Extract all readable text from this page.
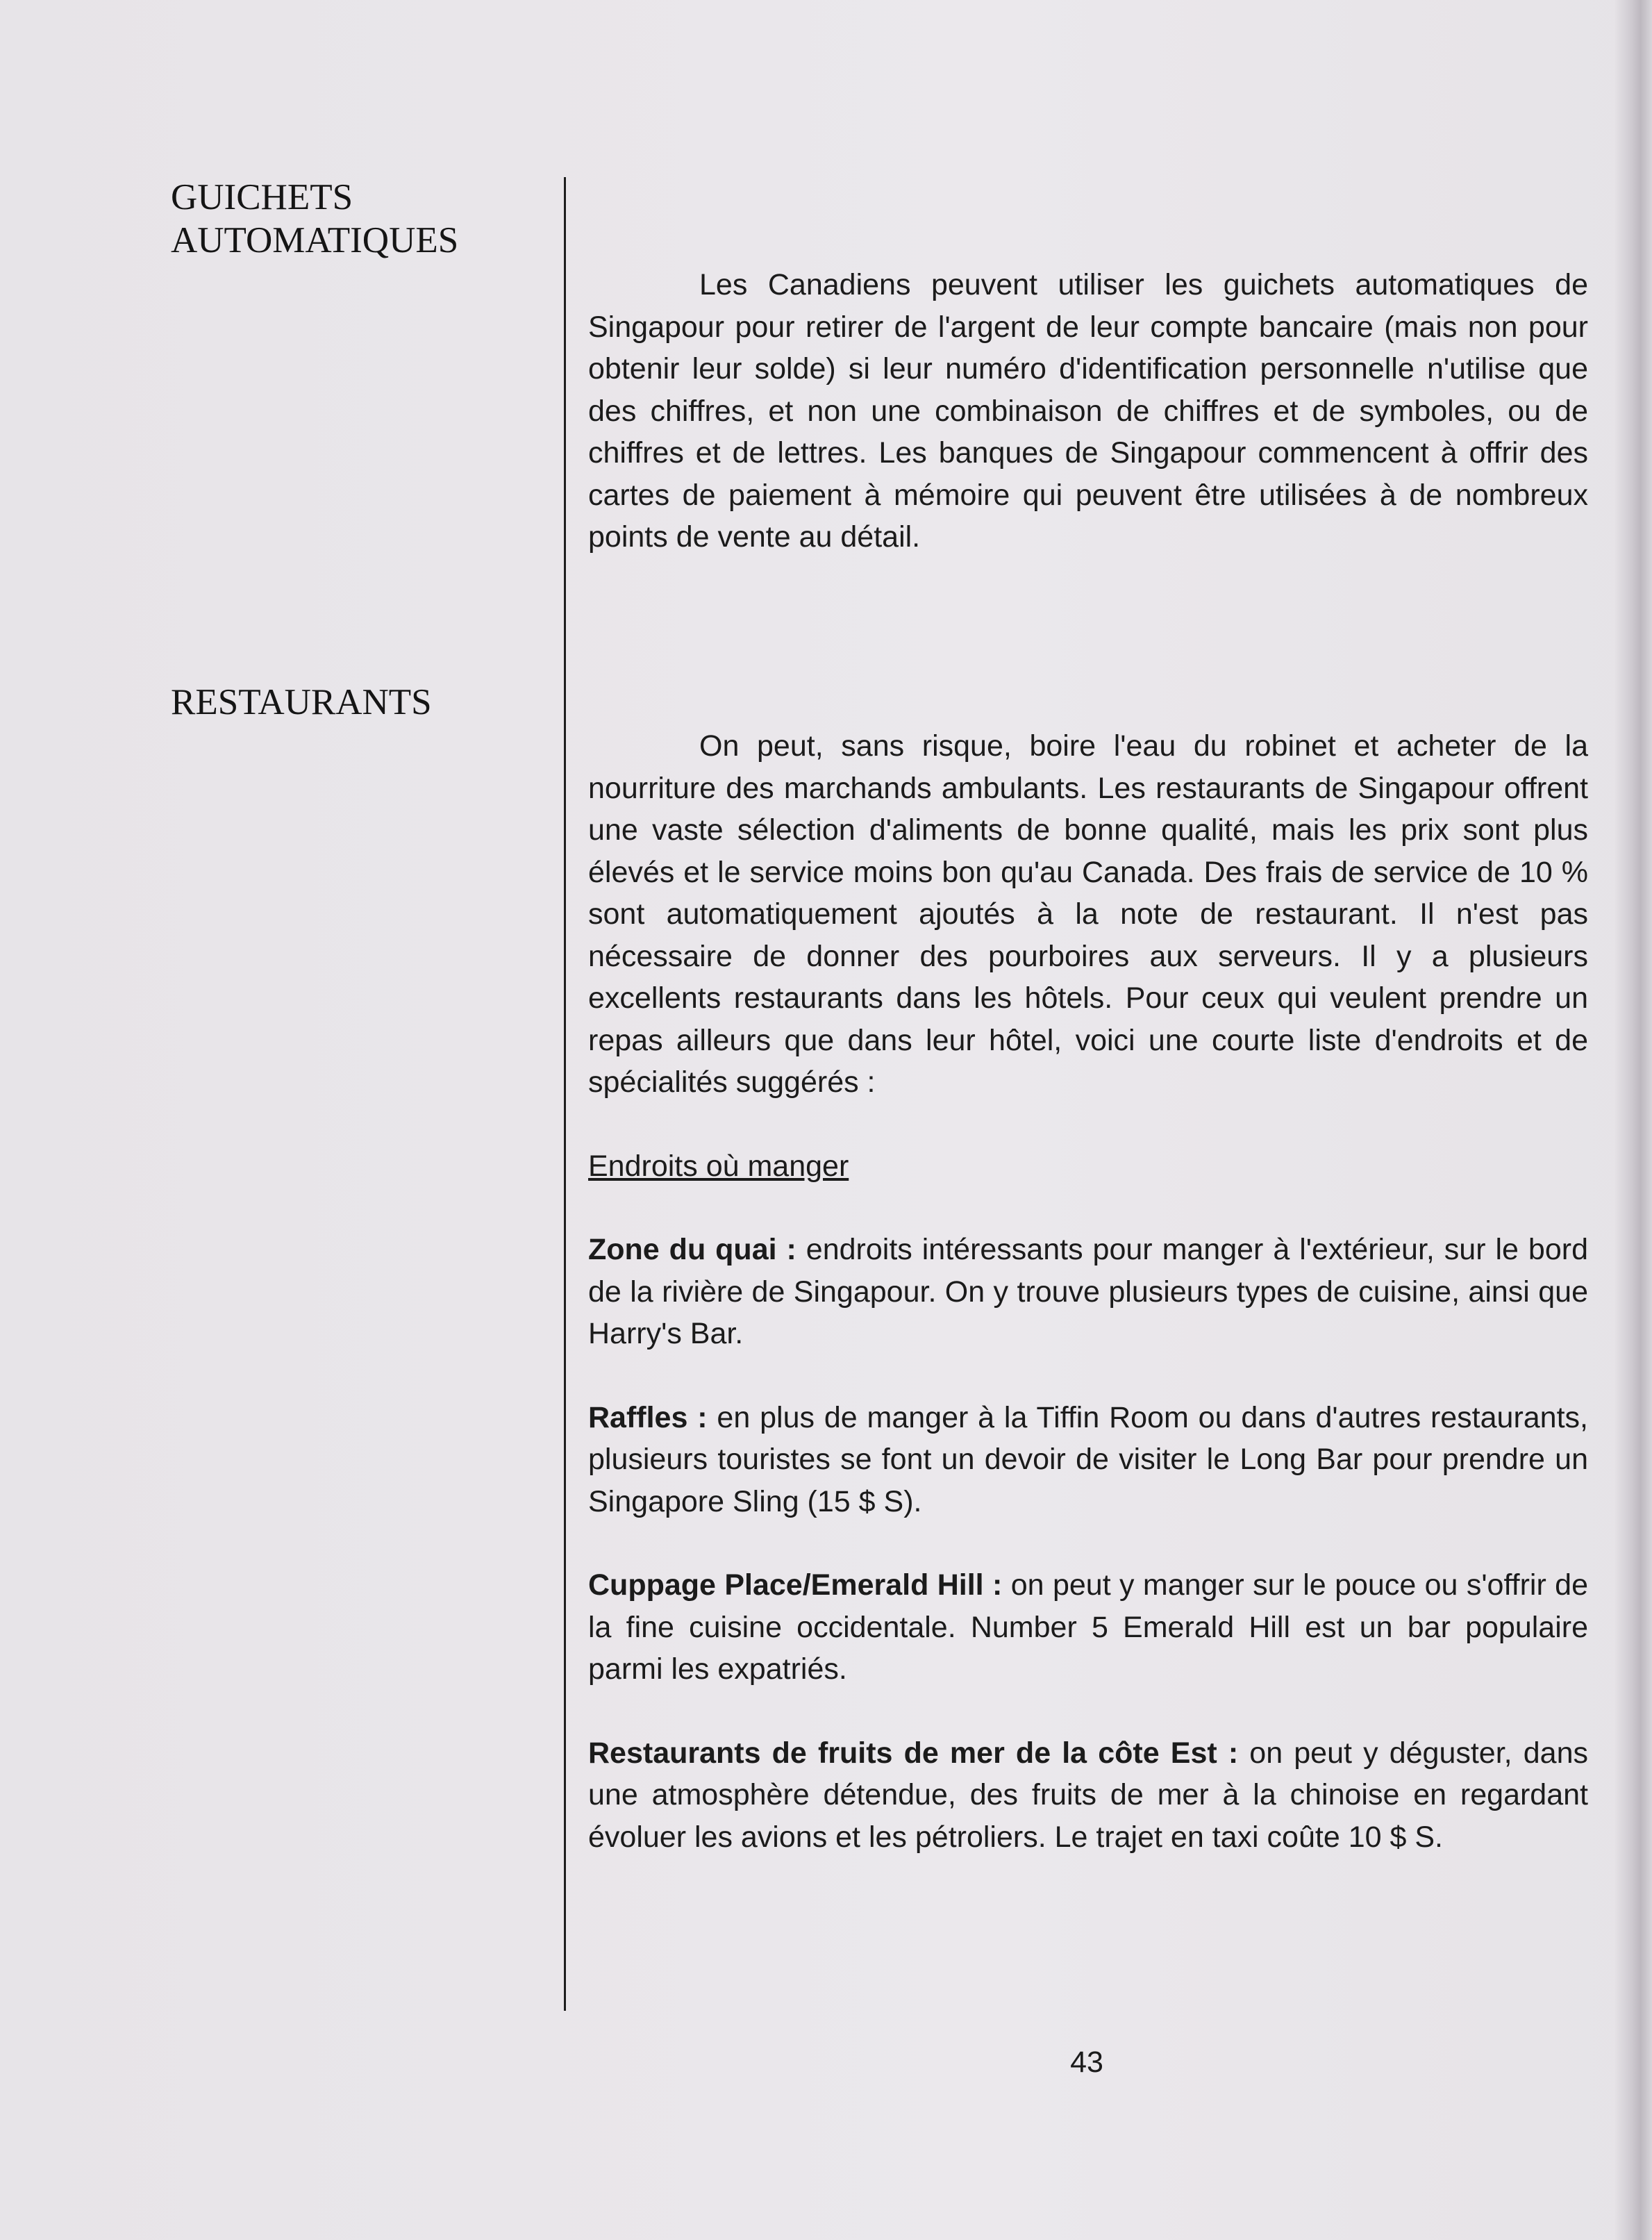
GUICHETS
AUTOMATIQUES

Les Canadiens peuvent utiliser les guichets automatiques de Singapour pour retirer de l'argent de leur compte bancaire (mais non pour obtenir leur solde) si leur numéro d'identification personnelle n'utilise que des chiffres, et non une combinaison de chiffres et de symboles, ou de chiffres et de lettres. Les banques de Singapour commencent à offrir des cartes de paiement à mémoire qui peuvent être utilisées à de nombreux points de vente au détail.

RESTAURANTS

On peut, sans risque, boire l'eau du robinet et acheter de la nourriture des marchands ambulants. Les restaurants de Singapour offrent une vaste sélection d'aliments de bonne qualité, mais les prix sont plus élevés et le service moins bon qu'au Canada. Des frais de service de 10 % sont automatiquement ajoutés à la note de restaurant. Il n'est pas nécessaire de donner des pourboires aux serveurs. Il y a plusieurs excellents restaurants dans les hôtels. Pour ceux qui veulent prendre un repas ailleurs que dans leur hôtel, voici une courte liste d'endroits et de spécialités suggérés :

Endroits où manger

Zone du quai : endroits intéressants pour manger à l'extérieur, sur le bord de la rivière de Singapour. On y trouve plusieurs types de cuisine, ainsi que Harry's Bar.

Raffles : en plus de manger à la Tiffin Room ou dans d'autres restaurants, plusieurs touristes se font un devoir de visiter le Long Bar pour prendre un Singapore Sling (15 $ S).

Cuppage Place/Emerald Hill : on peut y manger sur le pouce ou s'offrir de la fine cuisine occidentale. Number 5 Emerald Hill est un bar populaire parmi les expatriés.

Restaurants de fruits de mer de la côte Est : on peut y déguster, dans une atmosphère détendue, des fruits de mer à la chinoise en regardant évoluer les avions et les pétroliers. Le trajet en taxi coûte 10 $ S.

43
